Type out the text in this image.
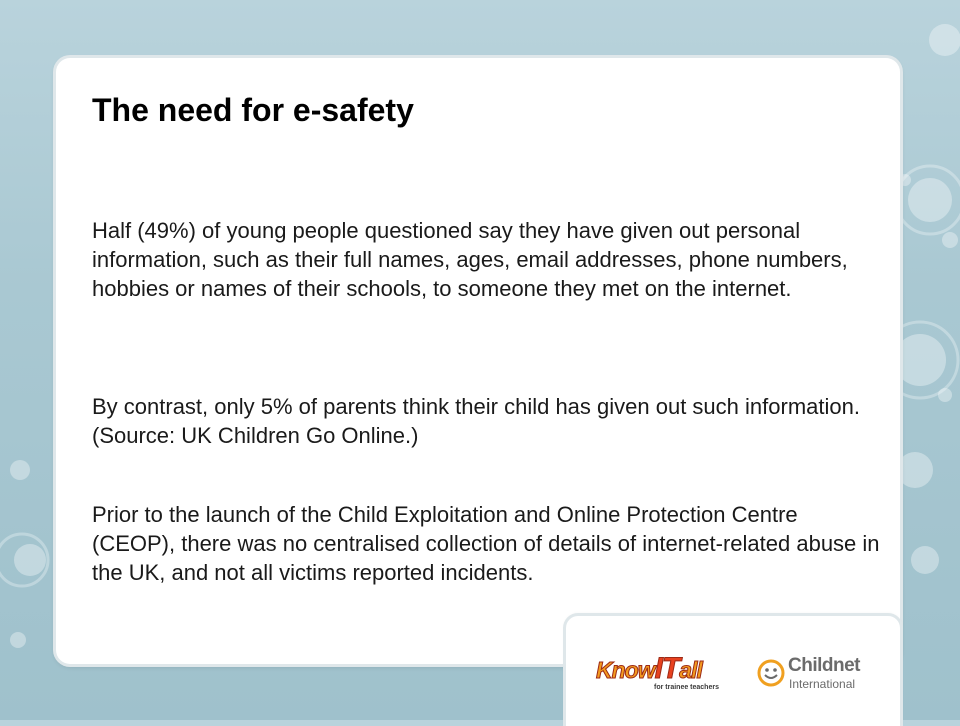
The need for e-safety

Half (49%) of young people questioned say they have given out personal information, such as their full names, ages, email addresses, phone numbers, hobbies or names of their schools, to someone they met on the internet.

By contrast, only 5% of parents think their child has given out such information. (Source: UK Children Go Online.)

Prior to the launch of the Child Exploitation and Online Protection Centre (CEOP), there was no centralised collection of details of internet-related abuse in the UK, and not all victims reported incidents.

KnowITall
for trainee teachers
Childnet
International
